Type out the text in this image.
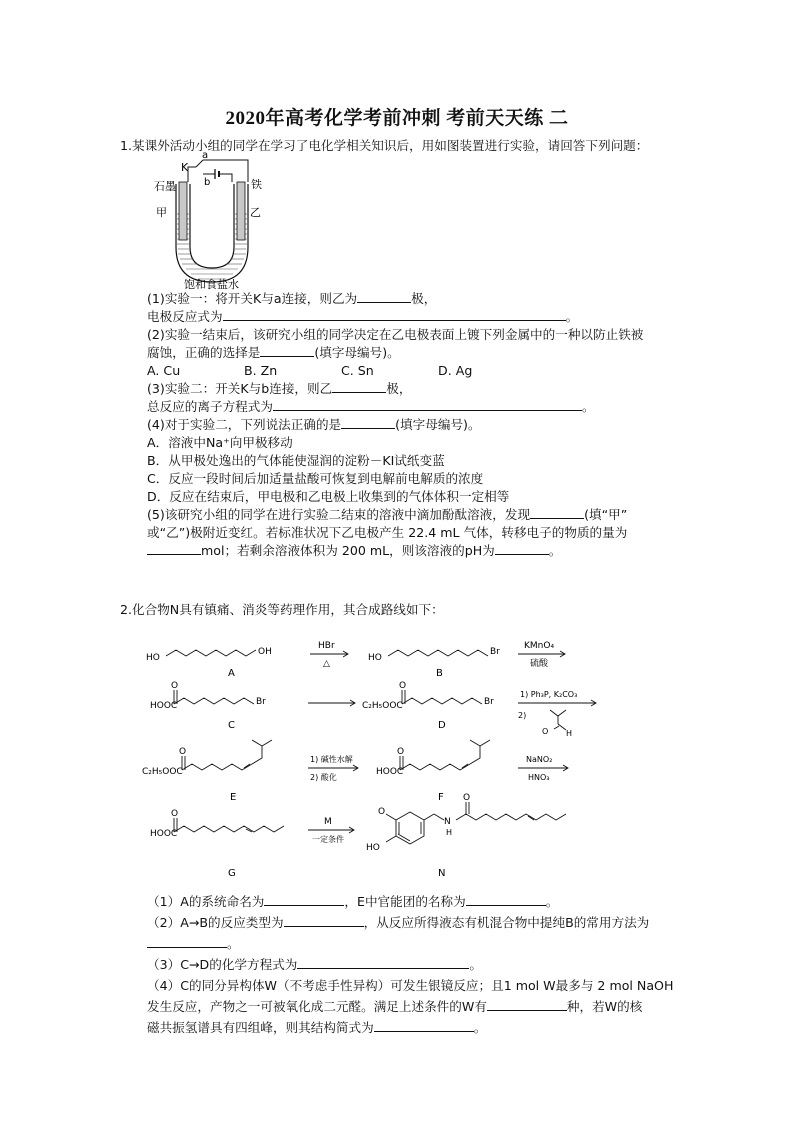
2020年高考化学考前冲刺 考前天天练 二
1.某课外活动小组的同学在学习了电化学相关知识后，用如图装置进行实验，请回答下列问题：
K
a
b
石墨	铁
甲	乙
饱和食盐水
(1)实验一：将开关K与a连接，则乙为	极，
电极反应式为	。
(2)实验一结束后，该研究小组的同学决定在乙电极表面上镀下列金属中的一种以防止铁被
腐蚀，正确的选择是	(填字母编号)。
A. Cu	B. Zn	C. Sn	D. Ag
(3)实验二：开关K与b连接，则乙	极，
总反应的离子方程式为	。
(4)对于实验二，下列说法正确的是	(填字母编号)。
A．溶液中Na⁺向甲极移动
B．从甲极处逸出的气体能使湿润的淀粉－KI试纸变蓝
C．反应一段时间后加适量盐酸可恢复到电解前电解质的浓度
D．反应在结束后，甲电极和乙电极上收集到的气体体积一定相等
(5)该研究小组的同学在进行实验二结束的溶液中滴加酚酞溶液，发现	(填“甲”
或“乙”)极附近变红。若标准状况下乙电极产生 22.4 mL 气体，转移电子的物质的量为
mol；若剩余溶液体积为 200 mL，则该溶液的pH为	。
2.化合物N具有镇痛、消炎等药理作用，其合成路线如下：
HO
OH
HBr
△
HO
Br
KMnO₄
硫酸
A	B
O
HOOC	Br
O
C₂H₅OOC	Br
1) Ph₃P, K₂CO₃
2)
O H
C	D
O
C₂H₅OOC
O
HOOC
1) 碱性水解
2) 酸化
NaNO₂
HNO₃
E	F
O
HOOC
M
一定条件
O
HO
N
H
O
G	N
（1）A的系统命名为	，E中官能团的名称为	。
（2）A→B的反应类型为	，从反应所得液态有机混合物中提纯B的常用方法为
。
（3）C→D的化学方程式为	。
（4）C的同分异构体W（不考虑手性异构）可发生银镜反应；且1 mol W最多与 2 mol NaOH
发生反应，产物之一可被氧化成二元醛。满足上述条件的W有	种，若W的核
磁共振氢谱具有四组峰，则其结构简式为	。
